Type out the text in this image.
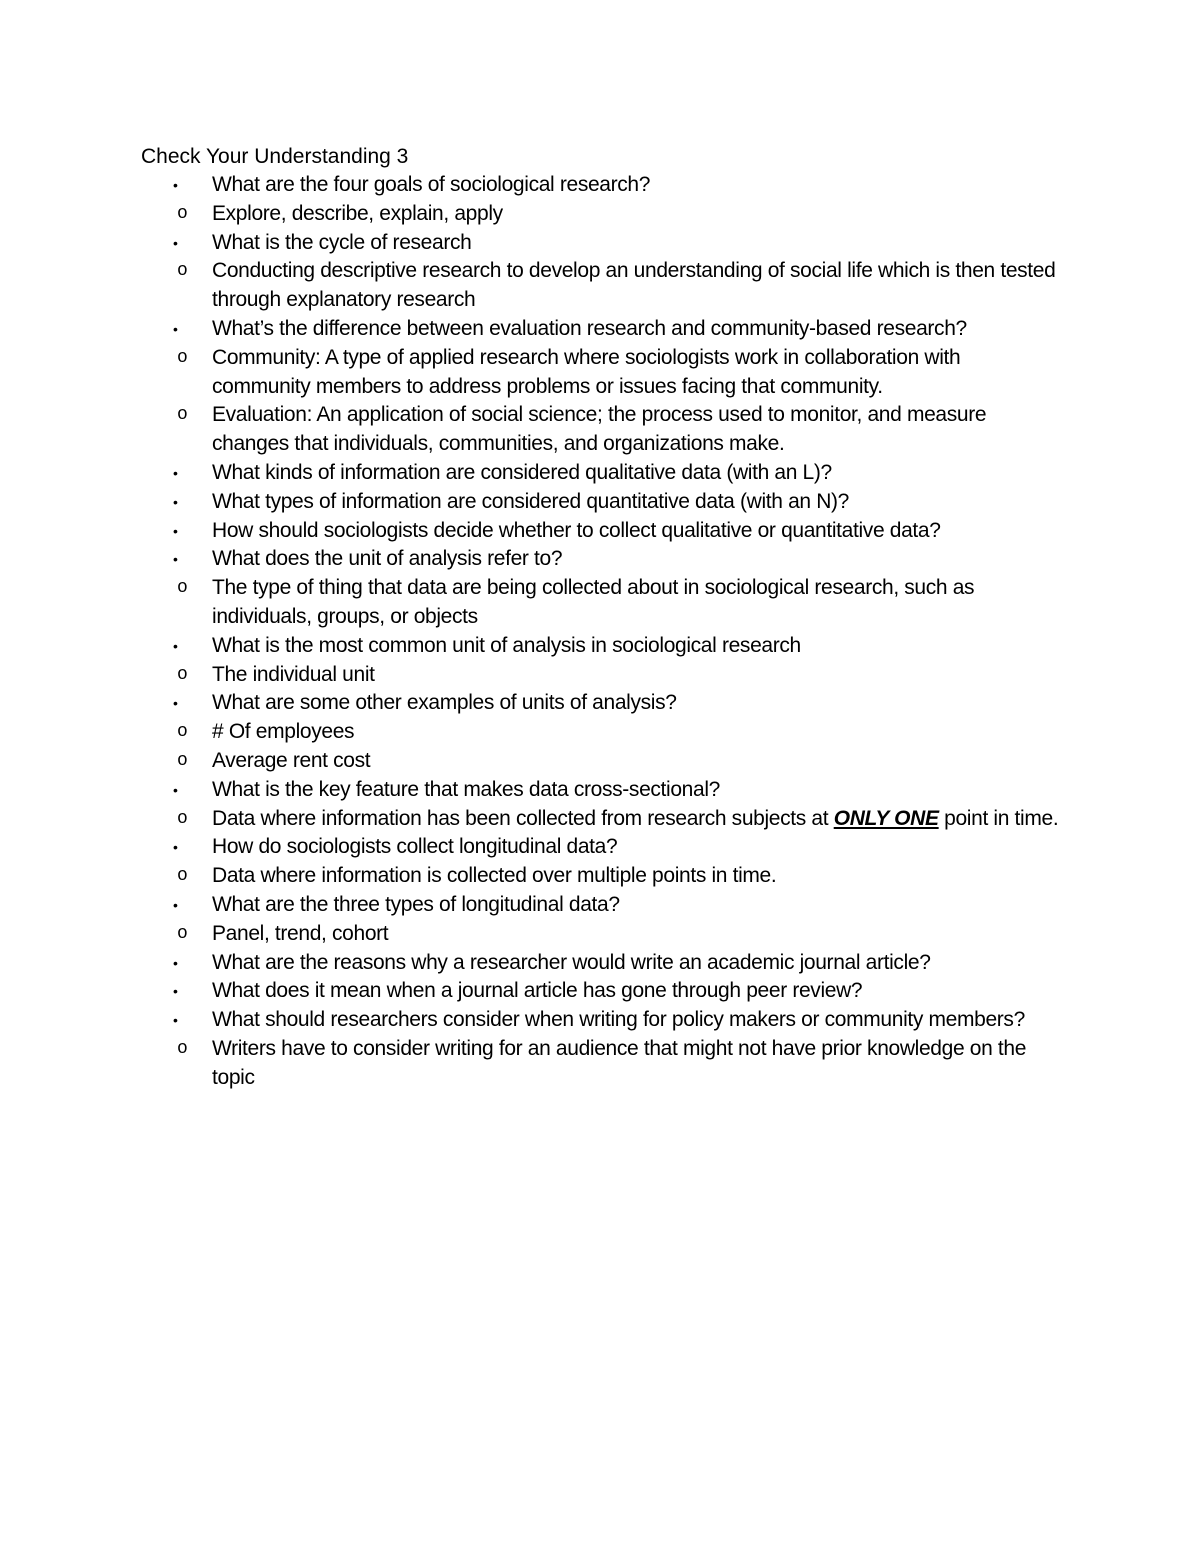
Check Your Understanding 3
• What are the four goals of sociological research?
o Explore, describe, explain, apply
• What is the cycle of research
o Conducting descriptive research to develop an understanding of social life which is then tested through explanatory research
• What’s the difference between evaluation research and community-based research?
o Community: A type of applied research where sociologists work in collaboration with community members to address problems or issues facing that community.
o Evaluation: An application of social science; the process used to monitor, and measure changes that individuals, communities, and organizations make.
• What kinds of information are considered qualitative data (with an L)?
• What types of information are considered quantitative data (with an N)?
• How should sociologists decide whether to collect qualitative or quantitative data?
• What does the unit of analysis refer to?
o The type of thing that data are being collected about in sociological research, such as individuals, groups, or objects
• What is the most common unit of analysis in sociological research
o The individual unit
• What are some other examples of units of analysis?
o # Of employees
o Average rent cost
• What is the key feature that makes data cross-sectional?
o Data where information has been collected from research subjects at ONLY ONE point in time.
• How do sociologists collect longitudinal data?
o Data where information is collected over multiple points in time.
• What are the three types of longitudinal data?
o Panel, trend, cohort
• What are the reasons why a researcher would write an academic journal article?
• What does it mean when a journal article has gone through peer review?
• What should researchers consider when writing for policy makers or community members?
o Writers have to consider writing for an audience that might not have prior knowledge on the topic
